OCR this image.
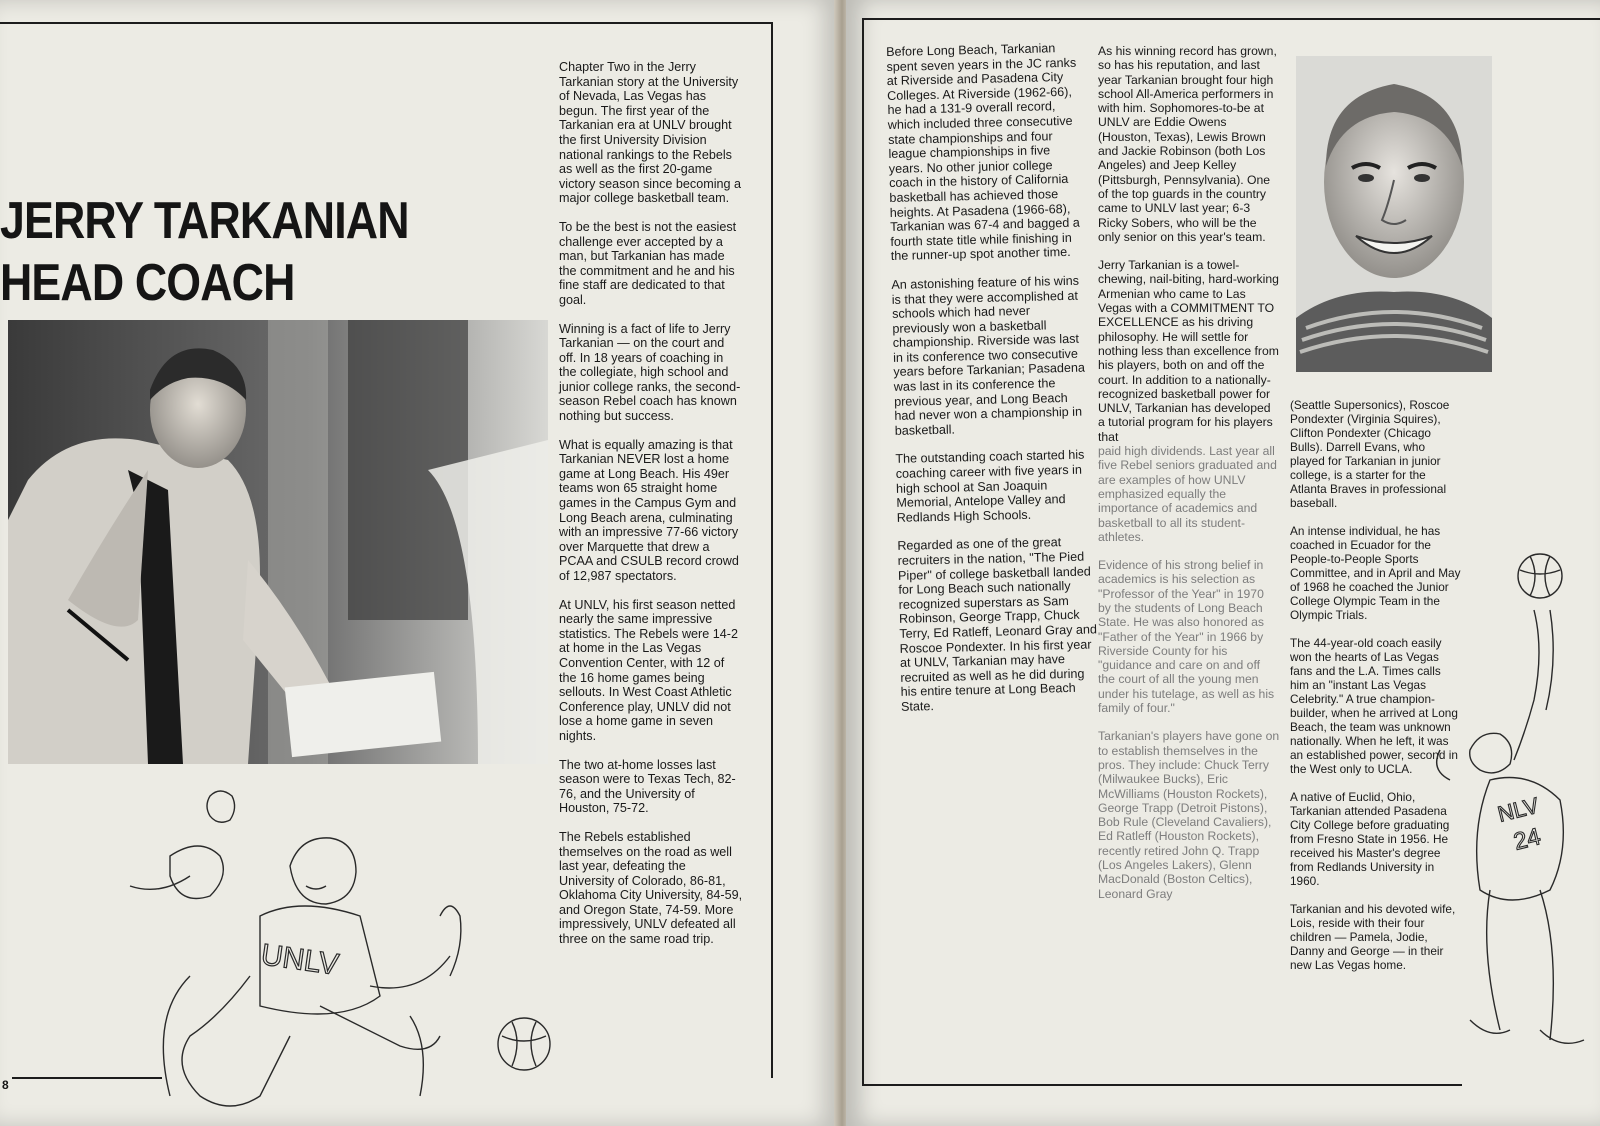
JERRY TARKANIAN
HEAD COACH

Chapter Two in the Jerry Tarkanian story at the University of Nevada, Las Vegas has begun. The first year of the Tarkanian era at UNLV brought the first University Division national rankings to the Rebels as well as the first 20-game victory season since becoming a major college basketball team.

To be the best is not the easiest challenge ever accepted by a man, but Tarkanian has made the commitment and he and his fine staff are dedicated to that goal.

Winning is a fact of life to Jerry Tarkanian — on the court and off. In 18 years of coaching in the collegiate, high school and junior college ranks, the second-season Rebel coach has known nothing but success.

What is equally amazing is that Tarkanian NEVER lost a home game at Long Beach. His 49er teams won 65 straight home games in the Campus Gym and Long Beach arena, culminating with an impressive 77-66 victory over Marquette that drew a PCAA and CSULB record crowd of 12,987 spectators.

At UNLV, his first season netted nearly the same impressive statistics. The Rebels were 14-2 at home in the Las Vegas Convention Center, with 12 of the 16 home games being sellouts. In West Coast Athletic Conference play, UNLV did not lose a home game in seven nights.

The two at-home losses last season were to Texas Tech, 82-76, and the University of Houston, 75-72.

The Rebels established themselves on the road as well last year, defeating the University of Colorado, 86-81, Oklahoma City University, 84-59, and Oregon State, 74-59. More impressively, UNLV defeated all three on the same road trip.

UNLV
8

Before Long Beach, Tarkanian spent seven years in the JC ranks at Riverside and Pasadena City Colleges. At Riverside (1962-66), he had a 131-9 overall record, which included three consecutive state championships and four league championships in five years. No other junior college coach in the history of California basketball has achieved those heights. At Pasadena (1966-68), Tarkanian was 67-4 and bagged a fourth state title while finishing in the runner-up spot another time.

An astonishing feature of his wins is that they were accomplished at schools which had never previously won a basketball championship. Riverside was last in its conference two consecutive years before Tarkanian; Pasadena was last in its conference the previous year, and Long Beach had never won a championship in basketball.

The outstanding coach started his coaching career with five years in high school at San Joaquin Memorial, Antelope Valley and Redlands High Schools.

Regarded as one of the great recruiters in the nation, "The Pied Piper" of college basketball landed for Long Beach such nationally recognized superstars as Sam Robinson, George Trapp, Chuck Terry, Ed Ratleff, Leonard Gray and Roscoe Pondexter. In his first year at UNLV, Tarkanian may have recruited as well as he did during his entire tenure at Long Beach State.

As his winning record has grown, so has his reputation, and last year Tarkanian brought four high school All-America performers in with him. Sophomores-to-be at UNLV are Eddie Owens (Houston, Texas), Lewis Brown and Jackie Robinson (both Los Angeles) and Jeep Kelley (Pittsburgh, Pennsylvania). One of the top guards in the country came to UNLV last year; 6-3 Ricky Sobers, who will be the only senior on this year's team.

Jerry Tarkanian is a towel-chewing, nail-biting, hard-working Armenian who came to Las Vegas with a COMMITMENT TO EXCELLENCE as his driving philosophy. He will settle for nothing less than excellence from his players, both on and off the court. In addition to a nationally-recognized basketball power for UNLV, Tarkanian has developed a tutorial program for his players that

paid high dividends. Last year all five Rebel seniors graduated and are examples of how UNLV emphasized equally the importance of academics and basketball to all its student-athletes.

Evidence of his strong belief in academics is his selection as "Professor of the Year" in 1970 by the students of Long Beach State. He was also honored as "Father of the Year" in 1966 by Riverside County for his "guidance and care on and off the court of all the young men under his tutelage, as well as his family of four."

Tarkanian's players have gone on to establish themselves in the pros. They include: Chuck Terry (Milwaukee Bucks), Eric McWilliams (Houston Rockets), George Trapp (Detroit Pistons), Bob Rule (Cleveland Cavaliers), Ed Ratleff (Houston Rockets), recently retired John Q. Trapp (Los Angeles Lakers), Glenn MacDonald (Boston Celtics), Leonard Gray

(Seattle Supersonics), Roscoe Pondexter (Virginia Squires), Clifton Pondexter (Chicago Bulls). Darrell Evans, who played for Tarkanian in junior college, is a starter for the Atlanta Braves in professional baseball.

An intense individual, he has coached in Ecuador for the People-to-People Sports Committee, and in April and May of 1968 he coached the Junior College Olympic Team in the Olympic Trials.

The 44-year-old coach easily won the hearts of Las Vegas fans and the L.A. Times calls him an "instant Las Vegas Celebrity." A true champion-builder, when he arrived at Long Beach, the team was unknown nationally. When he left, it was an established power, second in the West only to UCLA.

A native of Euclid, Ohio, Tarkanian attended Pasadena City College before graduating from Fresno State in 1956. He received his Master's degree from Redlands University in 1960.

Tarkanian and his devoted wife, Lois, reside with their four children — Pamela, Jodie, Danny and George — in their new Las Vegas home.

NLV
24
